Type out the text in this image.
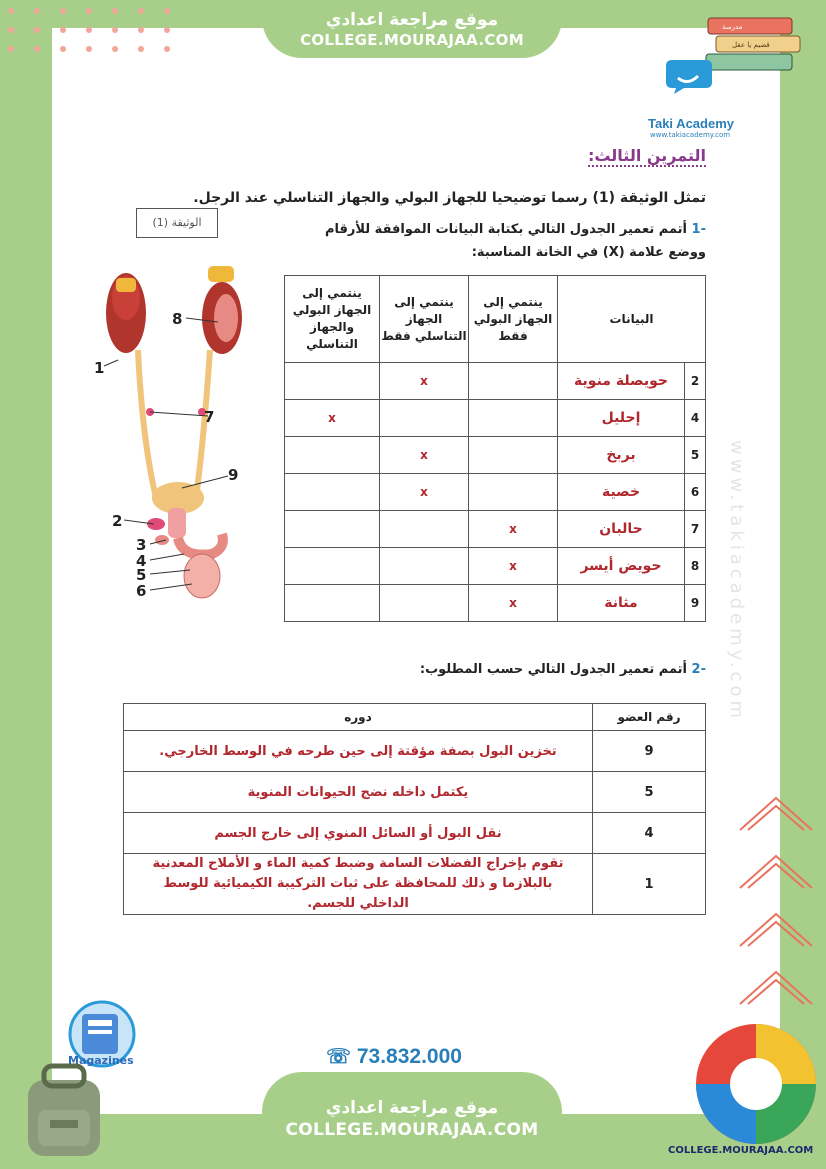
موقع مراجعة اعدادي
COLLEGE.MOURAJAA.COM
مدرسة
قضيم يا عقل
Taki Academy
www.takiacademy.com
التمرين الثالث:
تمثل الوثيقة (1) رسما توضيحيا للجهاز البولي والجهاز التناسلي عند الرجل.
-1 أتمم تعمير الجدول التالي بكتابة البيانات الموافقة للأرقام
ووضع علامة (X) في الخانة المناسبة:
الوثيقة (1)
1
8
7
9
2
3
4
5
6
البيانات		ينتمي إلى الجهاز البولي فقط	ينتمي إلى الجهاز التناسلي فقط	ينتمي إلى الجهاز البولي والجهاز التناسلي
2	حويصلة منوية		x	
4	إحليل			x
5	بربخ		x	
6	خصية		x	
7	حالبان	x		
8	حويض أيسر	x		
9	مثانة	x		
-2 أتمم تعمير الجدول التالي حسب المطلوب:
رقم العضو	دوره
9	تخزين البول بصفة مؤقتة إلى حين طرحه في الوسط الخارجي.
5	يكتمل داخله نضج الحيوانات المنوية
4	نقل البول أو السائل المنوي إلى خارج الجسم
1	تقوم بإخراج الفضلات السامة وضبط كمية الماء و الأملاح المعدنية بالبلازما و ذلك للمحافظة على ثبات التركيبة الكيميائية للوسط الداخلي للجسم.
www.takiacademy.com
☏ 73.832.000
Magazines
COLLEGE.MOURAJAA.COM
موقع مراجعة اعدادي
COLLEGE.MOURAJAA.COM
